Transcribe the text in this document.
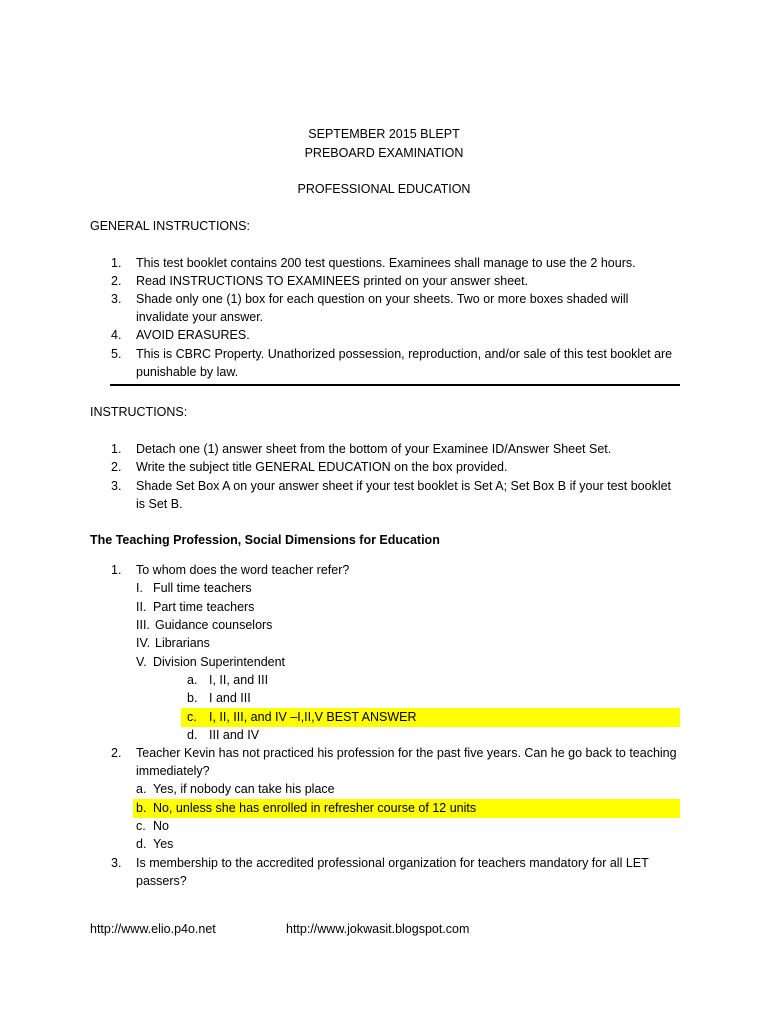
SEPTEMBER 2015 BLEPT
PREBOARD EXAMINATION
PROFESSIONAL EDUCATION
GENERAL INSTRUCTIONS:
1. This test booklet contains 200 test questions. Examinees shall manage to use the 2 hours.
2. Read INSTRUCTIONS TO EXAMINEES printed on your answer sheet.
3. Shade only one (1) box for each question on your sheets. Two or more boxes shaded will
invalidate your answer.
4. AVOID ERASURES.
5. This is CBRC Property. Unathorized possession, reproduction, and/or sale of this test booklet are
punishable by law.
INSTRUCTIONS:
1. Detach one (1) answer sheet from the bottom of your Examinee ID/Answer Sheet Set.
2. Write the subject title GENERAL EDUCATION on the box provided.
3. Shade Set Box A on your answer sheet if your test booklet is Set A; Set Box B if your test booklet
is Set B.
The Teaching Profession, Social Dimensions for Education
1. To whom does the word teacher refer?
I. Full time teachers
II. Part time teachers
III. Guidance counselors
IV. Librarians
V. Division Superintendent
a. I, II, and III
b. I and III
c. I, II, III, and IV –I,II,V BEST ANSWER
d. III and IV
2. Teacher Kevin has not practiced his profession for the past five years. Can he go back to teaching
immediately?
a. Yes, if nobody can take his place
b. No, unless she has enrolled in refresher course of 12 units
c. No
d. Yes
3. Is membership to the accredited professional organization for teachers mandatory for all LET
passers?
http://www.elio.p4o.net	http://www.jokwasit.blogspot.com
